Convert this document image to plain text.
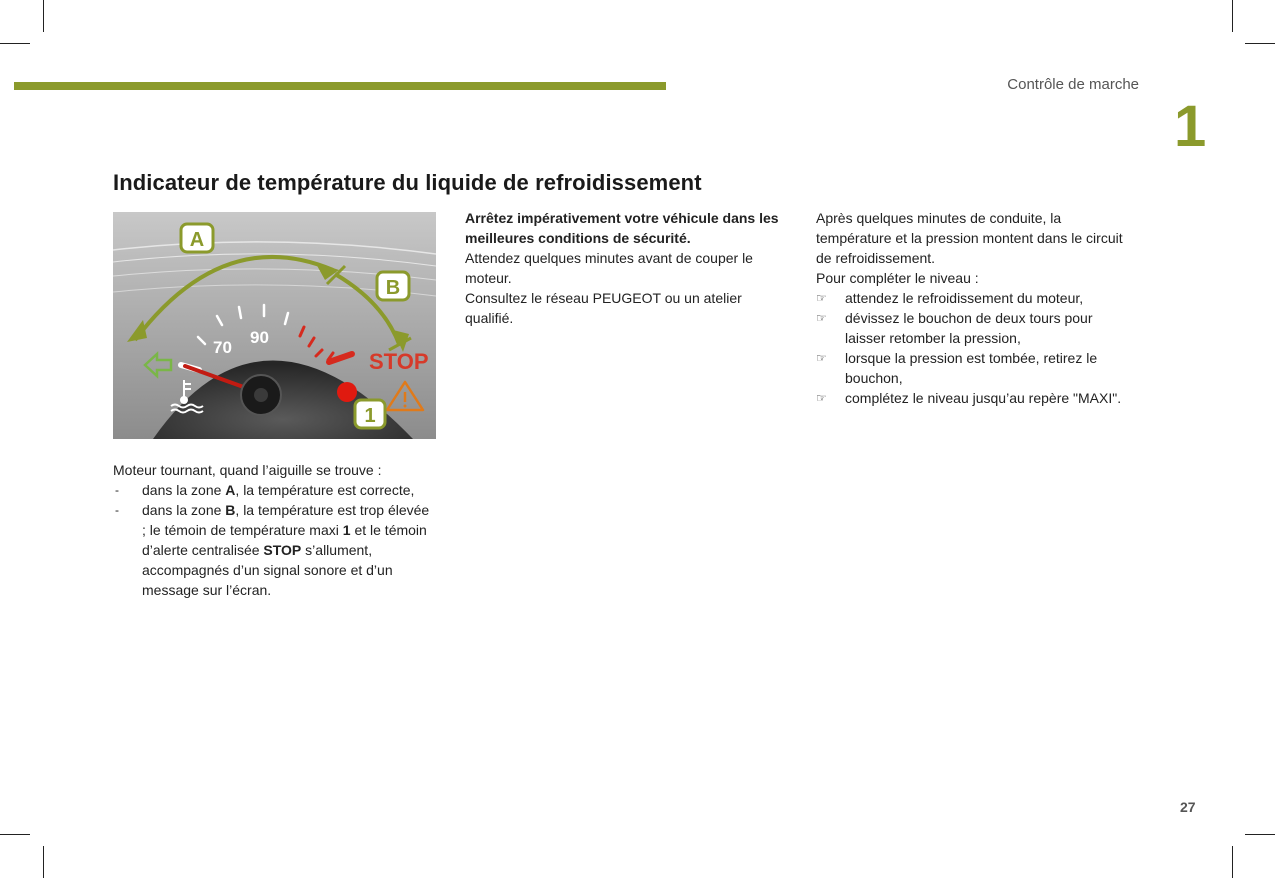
Contrôle de marche
1
Indicateur de température du liquide de refroidissement
70
90
STOP
A
B
1

Moteur tournant, quand l’aiguille se trouve :

-	dans la zone A, la température est correcte,
-	dans la zone B, la température est trop élevée ; le témoin de température maxi 1 et le témoin d’alerte centralisée STOP s’allument, accompagnés d’un signal sonore et d’un message sur l’écran.

Arrêtez impérativement votre véhicule dans les meilleures conditions de sécurité.

Attendez quelques minutes avant de couper le moteur.

Consultez le réseau PEUGEOT ou un atelier qualifié.

Après quelques minutes de conduite, la température et la pression montent dans le circuit de refroidissement.

Pour compléter le niveau :

☞	attendez le refroidissement du moteur,
☞	dévissez le bouchon de deux tours pour laisser retomber la pression,
☞	lorsque la pression est tombée, retirez le bouchon,
☞	complétez le niveau jusqu’au repère "MAXI".
27
